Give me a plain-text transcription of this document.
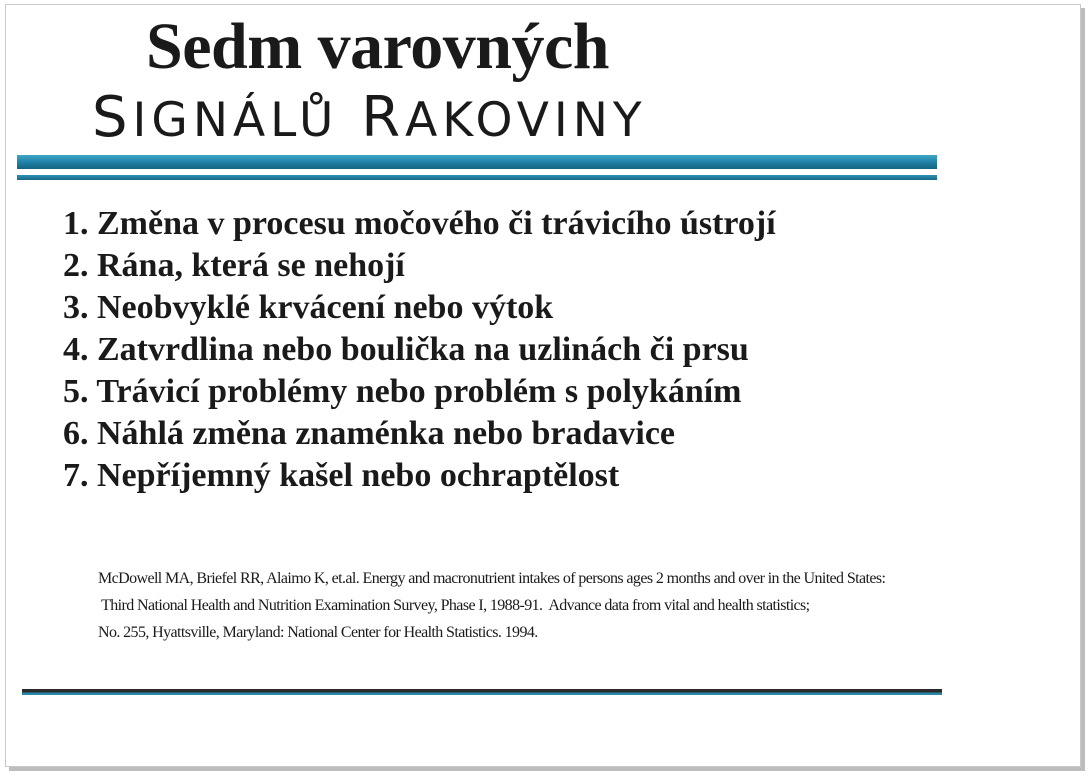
Sedm varovných
SIGNÁLŮ RAKOVINY
1. Změna v procesu močového či trávicího ústrojí
2. Rána, která se nehojí
3. Neobvyklé krvácení nebo výtok
4. Zatvrdlina nebo bouličkа na uzlinách či prsu
5. Trávicí problémy nebo problém s polykáním
6. Náhlá změna znaménka nebo bradavice
7. Nepříjemný kašel nebo ochraptělost
McDowell MA, Briefel RR, Alaimo K, et.al. Energy and macronutrient intakes of persons ages 2 months and over in the United States:
Third National Health and Nutrition Examination Survey, Phase I, 1988-91.  Advance data from vital and health statistics;
No. 255, Hyattsville, Maryland: National Center for Health Statistics. 1994.
